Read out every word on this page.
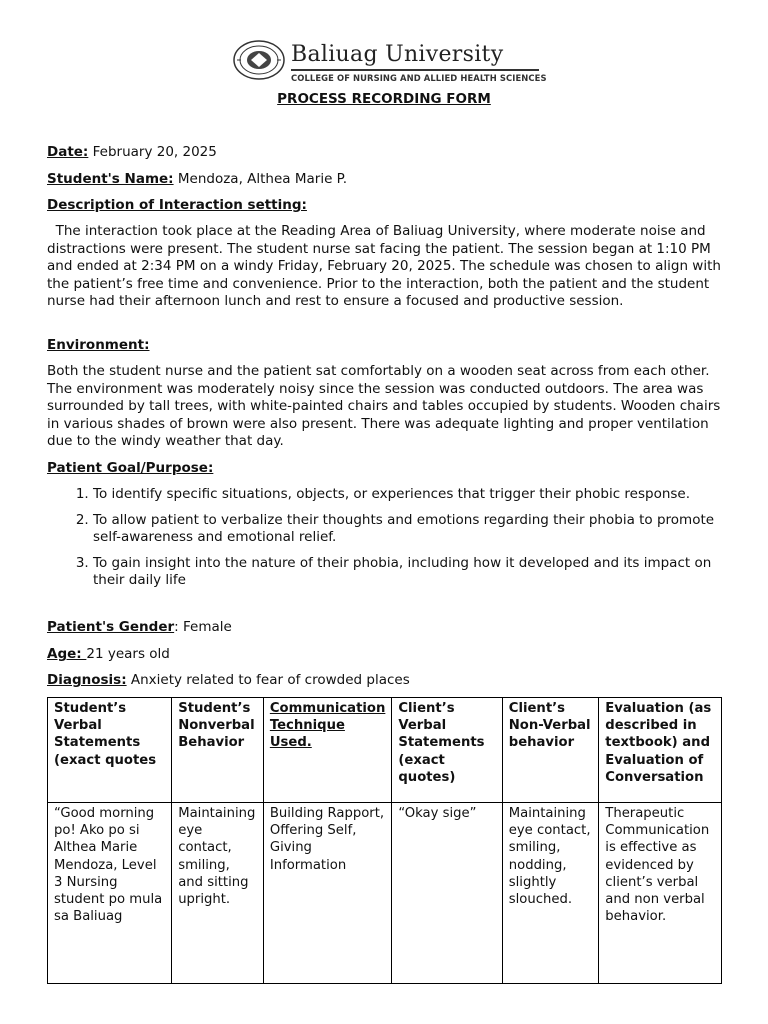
Baliuag University
COLLEGE OF NURSING AND ALLIED HEALTH SCIENCES
PROCESS RECORDING FORM
Date: February 20, 2025
Student's Name: Mendoza, Althea Marie P.
Description of Interaction setting:
The interaction took place at the Reading Area of Baliuag University, where moderate noise and distractions were present. The student nurse sat facing the patient. The session began at 1:10 PM and ended at 2:34 PM on a windy Friday, February 20, 2025. The schedule was chosen to align with the patient’s free time and convenience. Prior to the interaction, both the patient and the student nurse had their afternoon lunch and rest to ensure a focused and productive session.
Environment:
Both the student nurse and the patient sat comfortably on a wooden seat across from each other. The environment was moderately noisy since the session was conducted outdoors. The area was surrounded by tall trees, with white-painted chairs and tables occupied by students. Wooden chairs in various shades of brown were also present. There was adequate lighting and proper ventilation due to the windy weather that day.
Patient Goal/Purpose:
1. To identify specific situations, objects, or experiences that trigger their phobic response.
2. To allow patient to verbalize their thoughts and emotions regarding their phobia to promote self-awareness and emotional relief.
3. To gain insight into the nature of their phobia, including how it developed and its impact on their daily life
Patient's Gender: Female
Age: 21 years old
Diagnosis: Anxiety related to fear of crowded places
Student’s Verbal Statements (exact quotes	Student’s Nonverbal Behavior	Communication Technique Used.	Client’s Verbal Statements (exact quotes)	Client’s Non-Verbal behavior	Evaluation (as described in textbook) and Evaluation of Conversation
“Good morning po! Ako po si Althea Marie Mendoza, Level 3 Nursing student po mula sa Baliuag	Maintaining eye contact, smiling, and sitting upright.	Building Rapport, Offering Self, Giving Information	“Okay sige”	Maintaining eye contact, smiling, nodding, slightly slouched.	Therapeutic Communication is effective as evidenced by client’s verbal and non verbal behavior.
